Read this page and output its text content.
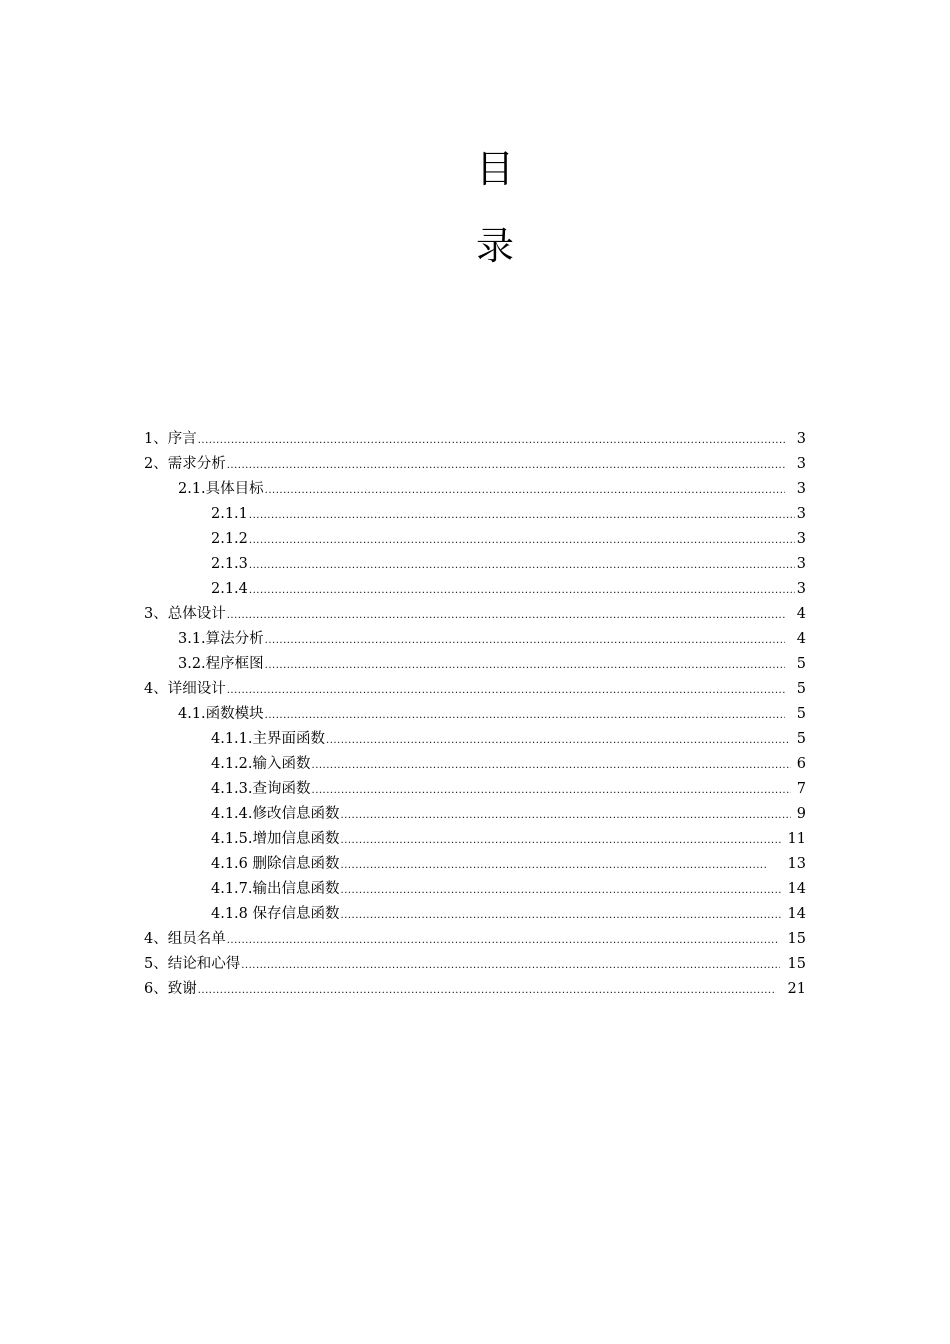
目
录
1、序言 .....	3
2、需求分析 .....	3
2.1.具体目标 .....	3
2.1.1 .....	3
2.1.2 .....	3
2.1.3 .....	3
2.1.4 .....	3
3、总体设计 .....	4
3.1.算法分析 .....	4
3.2.程序框图 .....	5
4、详细设计 .....	5
4.1.函数模块 .....	5
4.1.1.主界面函数 .....	5
4.1.2.输入函数 .....	6
4.1.3.查询函数 .....	7
4.1.4.修改信息函数 .....	9
4.1.5.增加信息函数 .....	11
4.1.6 删除信息函数 .....	13
4.1.7.输出信息函数 .....	14
4.1.8 保存信息函数 .....	14
4、组员名单 .....	15
5、结论和心得 .....	15
6、致谢 .....	21
